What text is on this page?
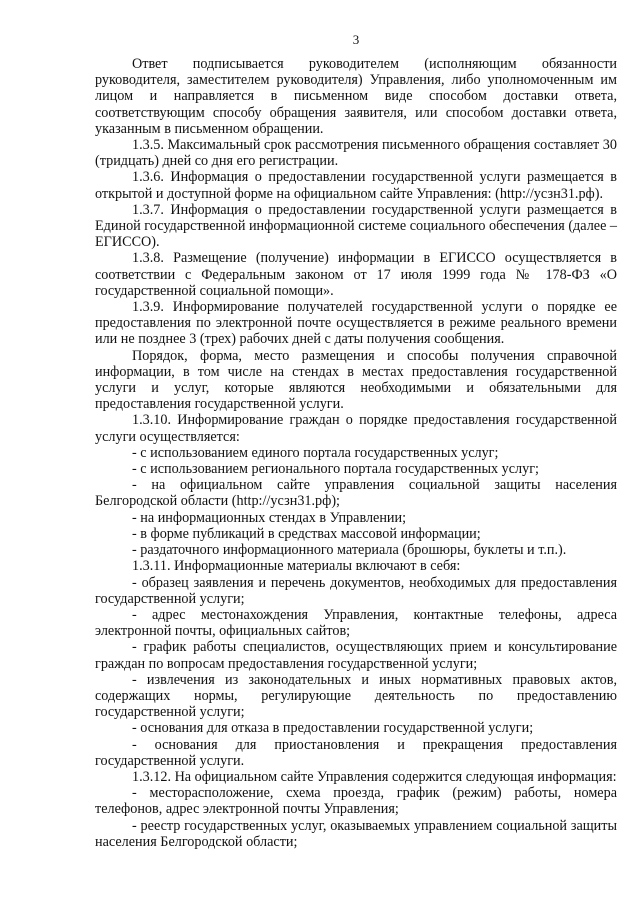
3

Ответ подписывается руководителем (исполняющим обязанности руководителя, заместителем руководителя) Управления, либо уполномоченным им лицом и направляется в письменном виде способом доставки ответа, соответствующим способу обращения заявителя, или способом доставки ответа, указанным в письменном обращении.

1.3.5. Максимальный срок рассмотрения письменного обращения составляет 30 (тридцать) дней со дня его регистрации.

1.3.6. Информация о предоставлении государственной услуги размещается в открытой и доступной форме на официальном сайте Управления: (http://усзн31.рф).

1.3.7. Информация о предоставлении государственной услуги размещается в Единой государственной информационной системе социального обеспечения (далее – ЕГИССО).

1.3.8. Размещение (получение) информации в ЕГИССО осуществляется в соответствии с Федеральным законом от 17 июля 1999 года № 178-ФЗ «О государственной социальной помощи».

1.3.9. Информирование получателей государственной услуги о порядке ее предоставления по электронной почте осуществляется в режиме реального времени или не позднее 3 (трех) рабочих дней с даты получения сообщения.

Порядок, форма, место размещения и способы получения справочной информации, в том числе на стендах в местах предоставления государственной услуги и услуг, которые являются необходимыми и обязательными для предоставления государственной услуги.

1.3.10. Информирование граждан о порядке предоставления государственной услуги осуществляется:

- с использованием единого портала государственных услуг;

- с использованием регионального портала государственных услуг;

- на официальном сайте управления социальной защиты населения Белгородской области (http://усзн31.рф);

- на информационных стендах в Управлении;

- в форме публикаций в средствах массовой информации;

- раздаточного информационного материала (брошюры, буклеты и т.п.).

1.3.11. Информационные материалы включают в себя:

- образец заявления и перечень документов, необходимых для предоставления государственной услуги;

- адрес местонахождения Управления, контактные телефоны, адреса электронной почты, официальных сайтов;

- график работы специалистов, осуществляющих прием и консультирование граждан по вопросам предоставления государственной услуги;

- извлечения из законодательных и иных нормативных правовых актов, содержащих нормы, регулирующие деятельность по предоставлению государственной услуги;

- основания для отказа в предоставлении государственной услуги;

- основания для приостановления и прекращения предоставления государственной услуги.

1.3.12. На официальном сайте Управления содержится следующая информация:

- месторасположение, схема проезда, график (режим) работы, номера телефонов, адрес электронной почты Управления;

- реестр государственных услуг, оказываемых управлением социальной защиты населения Белгородской области;
